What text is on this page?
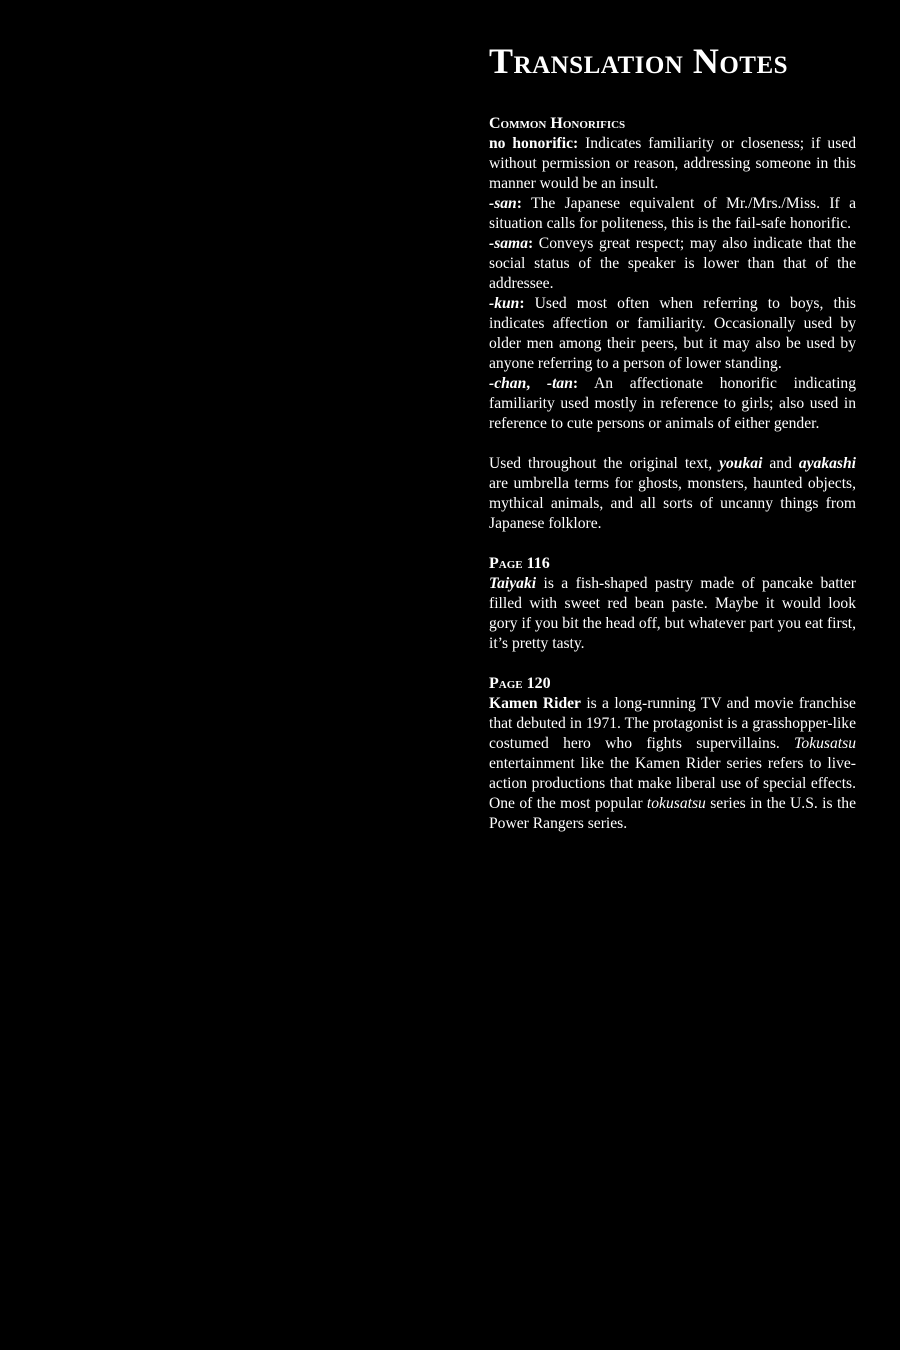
Translation Notes
Common Honorifics

no honorific: Indicates familiarity or closeness; if used without permission or reason, addressing someone in this manner would be an insult.

-san: The Japanese equivalent of Mr./Mrs./Miss. If a situation calls for politeness, this is the fail-safe honorific.

-sama: Conveys great respect; may also indicate that the social status of the speaker is lower than that of the addressee.

-kun: Used most often when referring to boys, this indicates affection or familiarity. Occasionally used by older men among their peers, but it may also be used by anyone referring to a person of lower standing.

-chan, -tan: An affectionate honorific indicating familiarity used mostly in reference to girls; also used in reference to cute persons or animals of either gender.

Used throughout the original text, youkai and ayakashi are umbrella terms for ghosts, monsters, haunted objects, mythical animals, and all sorts of uncanny things from Japanese folklore.

Page 116

Taiyaki is a fish-shaped pastry made of pancake batter filled with sweet red bean paste. Maybe it would look gory if you bit the head off, but whatever part you eat first, it’s pretty tasty.

Page 120

Kamen Rider is a long-running TV and movie franchise that debuted in 1971. The protagonist is a grasshopper-like costumed hero who fights supervillains. Tokusatsu entertainment like the Kamen Rider series refers to live-action productions that make liberal use of special effects. One of the most popular tokusatsu series in the U.S. is the Power Rangers series.
